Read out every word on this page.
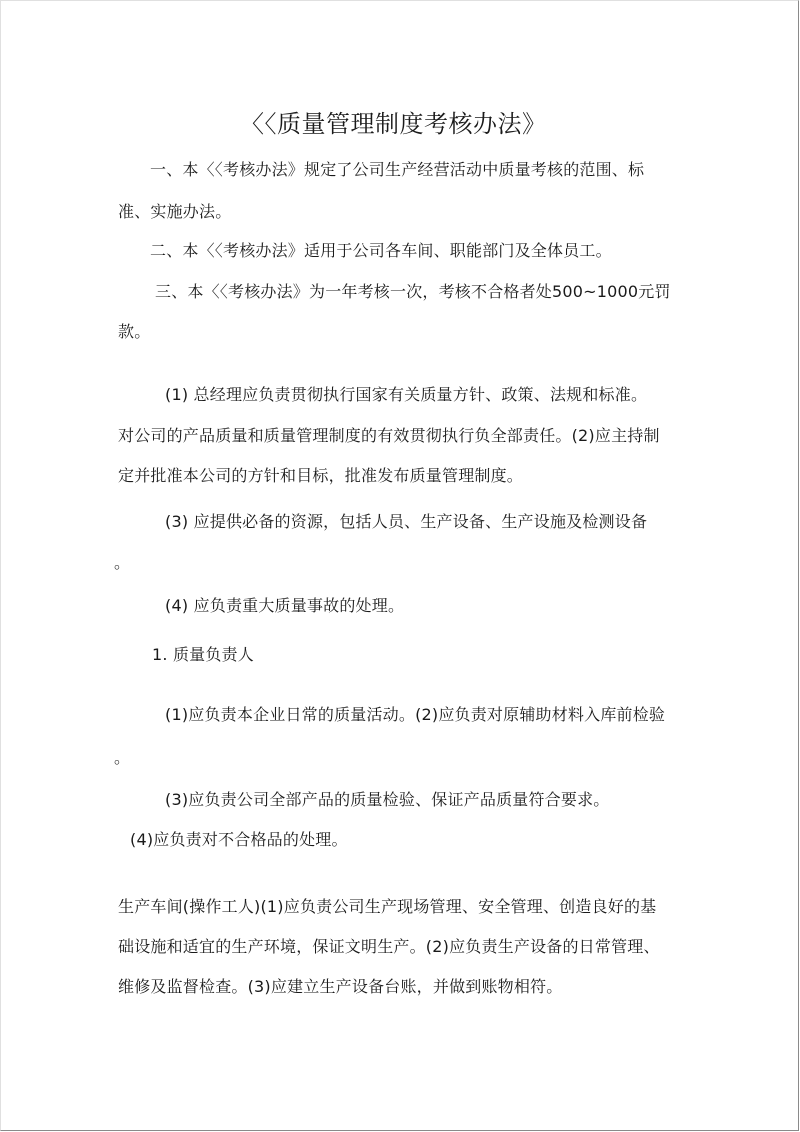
〈〈质量管理制度考核办法》
一、本〈〈考核办法》规定了公司生产经营活动中质量考核的范围、标
准、实施办法。
二、本〈〈考核办法》适用于公司各车间、职能部门及全体员工。
三、本〈〈考核办法》为一年考核一次，考核不合格者处500~1000元罚
款。
(1) 总经理应负责贯彻执行国家有关质量方针、政策、法规和标准。
对公司的产品质量和质量管理制度的有效贯彻执行负全部责任。(2)应主持制
定并批准本公司的方针和目标，批准发布质量管理制度。
(3) 应提供必备的资源，包括人员、生产设备、生产设施及检测设备
。
(4) 应负责重大质量事故的处理。
1. 质量负责人
(1)应负责本企业日常的质量活动。(2)应负责对原辅助材料入库前检验
。
(3)应负责公司全部产品的质量检验、保证产品质量符合要求。
(4)应负责对不合格品的处理。
生产车间(操作工人)(1)应负责公司生产现场管理、安全管理、创造良好的基
础设施和适宜的生产环境，保证文明生产。(2)应负责生产设备的日常管理、
维修及监督检查。(3)应建立生产设备台账，并做到账物相符。
